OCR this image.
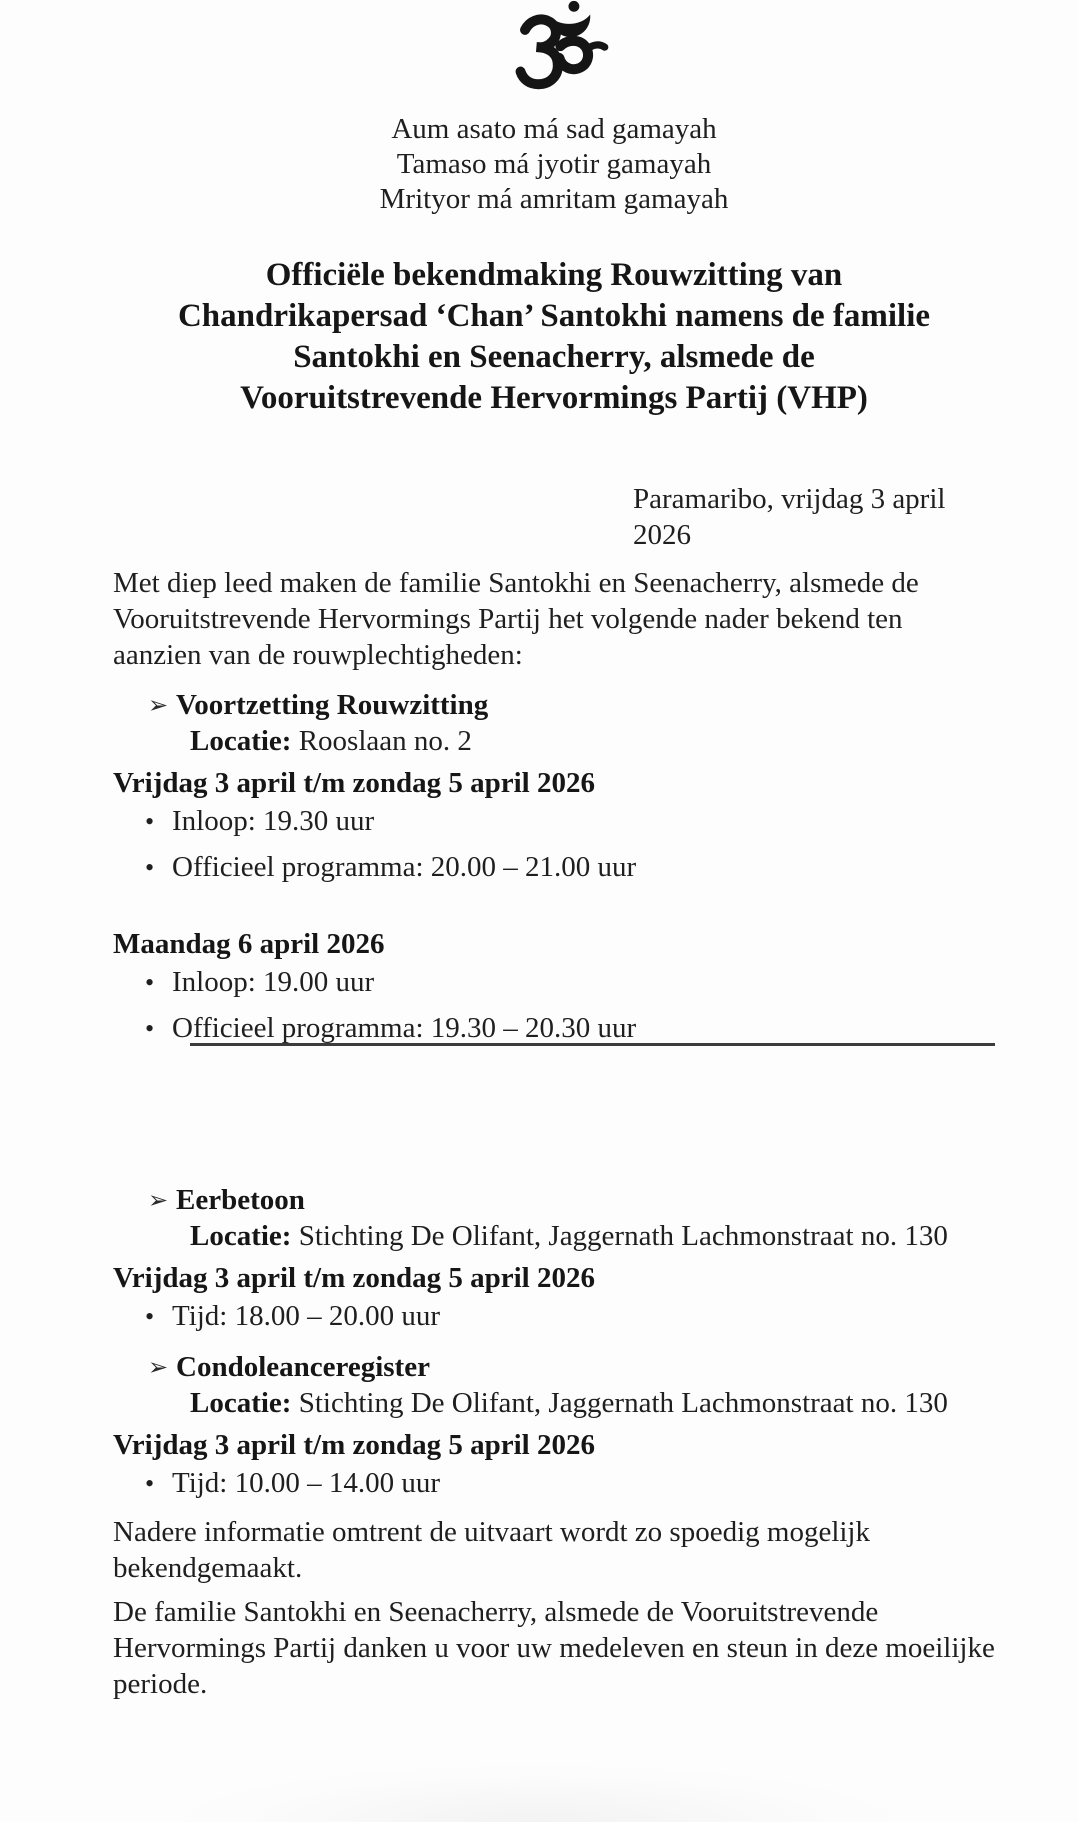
Aum asato má sad gamayah
Tamaso má jyotir gamayah
Mrityor má amritam gamayah
Officiële bekendmaking Rouwzitting van
Chandrikapersad ‘Chan’ Santokhi namens de familie
Santokhi en Seenacherry, alsmede de
Vooruitstrevende Hervormings Partij (VHP)
Paramaribo, vrijdag 3 april 2026

Met diep leed maken de familie Santokhi en Seenacherry, alsmede de Vooruitstrevende Hervormings Partij het volgende nader bekend ten aanzien van de rouwplechtigheden:

➢ Voortzetting Rouwzitting
Locatie: Rooslaan no. 2
Vrijdag 3 april t/m zondag 5 april 2026
• Inloop: 19.30 uur
• Officieel programma: 20.00 – 21.00 uur
Maandag 6 april 2026
• Inloop: 19.00 uur
• Officieel programma: 19.30 – 20.30 uur
➢ Eerbetoon
Locatie: Stichting De Olifant, Jaggernath Lachmonstraat no. 130
Vrijdag 3 april t/m zondag 5 april 2026
• Tijd: 18.00 – 20.00 uur
➢ Condoleanceregister
Locatie: Stichting De Olifant, Jaggernath Lachmonstraat no. 130
Vrijdag 3 april t/m zondag 5 april 2026
• Tijd: 10.00 – 14.00 uur

Nadere informatie omtrent de uitvaart wordt zo spoedig mogelijk bekendgemaakt.

De familie Santokhi en Seenacherry, alsmede de Vooruitstrevende Hervormings Partij danken u voor uw medeleven en steun in deze moeilijke periode.
